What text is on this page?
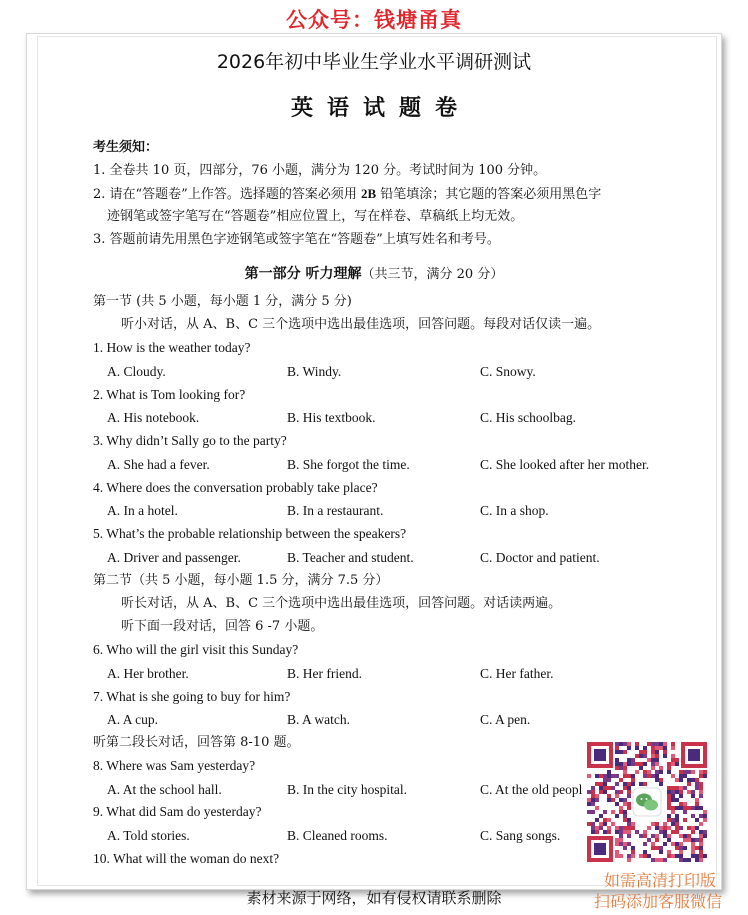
公众号：钱塘甬真
2026年初中毕业生学业水平调研测试
英语试题卷
考生须知：
1. 全卷共 10 页，四部分，76 小题，满分为 120 分。考试时间为 100 分钟。
2. 请在“答题卷”上作答。选择题的答案必须用 2B 铅笔填涂；其它题的答案必须用黑色字
迹钢笔或签字笔写在“答题卷”相应位置上，写在样卷、草稿纸上均无效。
3. 答题前请先用黑色字迹钢笔或签字笔在“答题卷”上填写姓名和考号。
第一部分 听力理解（共三节，满分 20 分）
第一节 (共 5 小题，每小题 1 分，满分 5 分)
听小对话，从 A、B、C 三个选项中选出最佳选项，回答问题。每段对话仅读一遍。
1. How is the weather today?
A. Cloudy.	B. Windy.	C. Snowy.
2. What is Tom looking for?
A. His notebook.	B. His textbook.	C. His schoolbag.
3. Why didn’t Sally go to the party?
A. She had a fever.	B. She forgot the time.	C. She looked after her mother.
4. Where does the conversation probably take place?
A. In a hotel.	B. In a restaurant.	C. In a shop.
5. What’s the probable relationship between the speakers?
A. Driver and passenger.	B. Teacher and student.	C. Doctor and patient.
第二节（共 5 小题，每小题 1.5 分，满分 7.5 分）
听长对话，从 A、B、C 三个选项中选出最佳选项，回答问题。对话读两遍。
听下面一段对话，回答 6 -7 小题。
6. Who will the girl visit this Sunday?
A. Her brother.	B. Her friend.	C. Her father.
7. What is she going to buy for him?
A. A cup.	B. A watch.	C. A pen.
听第二段长对话，回答第 8-10 题。
8. Where was Sam yesterday?
A. At the school hall.	B. In the city hospital.	C. At the old peopl
9. What did Sam do yesterday?
A. Told stories.	B. Cleaned rooms.	C. Sang songs.
10. What will the woman do next?
素材来源于网络，如有侵权请联系删除
如需高清打印版
扫码添加客服微信
